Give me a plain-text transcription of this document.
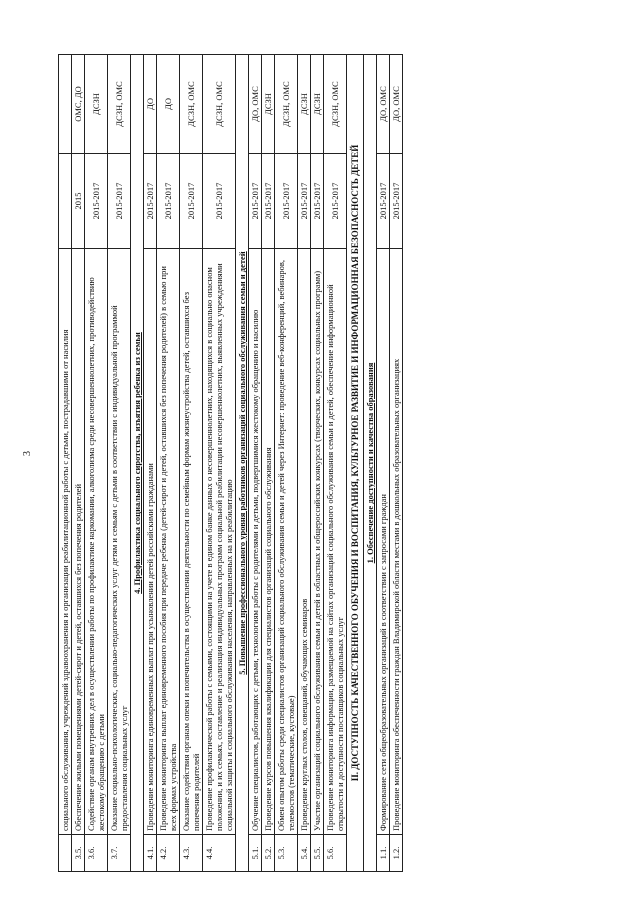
3
		социального обслуживания, учреждений здравоохранения и организации реабилитационной работы с детьми, пострадавшими от насилия		
3.5.	Обеспечение жилыми помещениями детей-сирот и детей, оставшихся без попечения родителей	2015	ОМС, ДО
3.6.	Содействие органам внутренних дел в осуществлении работы по профилактике наркомании, алкоголизма среди несовершеннолетних, противодействию жестокому обращению с детьми	2015-2017	ДСЗН
3.7.	Оказание социально-психологических, социально-педагогических услуг детям и семьям с детьми в соответствии с индивидуальной программой предоставления социальных услуг	2015-2017	ДСЗН, ОМС
4. Профилактика социального сиротства, изъятия ребенка из семьи			
4.1.	Проведение мониторинга единовременных выплат при усыновлении детей российскими гражданами	2015-2017	ДО
4.2.	Проведение мониторинга выплат единовременного пособия при передаче ребенка (детей-сирот и детей, оставшихся без попечения родителей) в семью при всех формах устройства	2015-2017	ДО
4.3.	Оказание содействия органам опеки и попечительства в осуществлении деятельности по семейным формам жизнеустройства детей, оставшихся без попечения родителей	2015-2017	ДСЗН, ОМС
4.4.	Проведение профилактической работы с семьями, состоящими на учете в едином банке данных о несовершеннолетних, находящихся в социально опасном положении, и их семьях, составление и реализация индивидуальных программ социальной реабилитации несовершеннолетних, выявленных учреждениями социальной защиты и социального обслуживания населения, направленных на их реабилитацию	2015-2017	ДСЗН, ОМС
5. Повышение профессионального уровня работников организаций социального обслуживания семьи и детей			
5.1.	Обучение специалистов, работающих с детьми, технологиям работы с родителями и детьми, подвергшимися жестокому обращению и насилию	2015-2017	ДО, ОМС
5.2.	Проведение курсов повышения квалификации для специалистов организаций социального обслуживания	2015-2017	ДСЗН
5.3.	Обмен опытом работы среди специалистов организаций социального обслуживания семьи и детей через Интернет: проведение веб-конференций, вебинаров, телемостов (тематические, кустовые)	2015-2017	ДСЗН, ОМС
5.4.	Проведение круглых столов, совещаний, обучающих семинаров	2015-2017	ДСЗН
5.5.	Участие организаций социального обслуживания семьи и детей в областных и общероссийских конкурсах (творческих, конкурсах социальных программ)	2015-2017	ДСЗН
5.6.	Проведение мониторинга информации, размещаемой на сайтах организаций социального обслуживания семьи и детей, обеспечение информационной открытости и доступности поставщиков социальных услуг	2015-2017	ДСЗН, ОМС
II. ДОСТУПНОСТЬ КАЧЕСТВЕННОГО ОБУЧЕНИЯ И ВОСПИТАНИЯ, КУЛЬТУРНОЕ РАЗВИТИЕ И ИНФОРМАЦИОННАЯ БЕЗОПАСНОСТЬ ДЕТЕЙ			
1. Обеспечение доступности и качества образования			
1.1.	Формирование сети общеобразовательных организаций в соответствии с запросами граждан	2015-2017	ДО, ОМС
1.2.	Проведение мониторинга обеспеченности граждан Владимирской области местами в дошкольных образовательных организациях	2015-2017	ДО, ОМС
